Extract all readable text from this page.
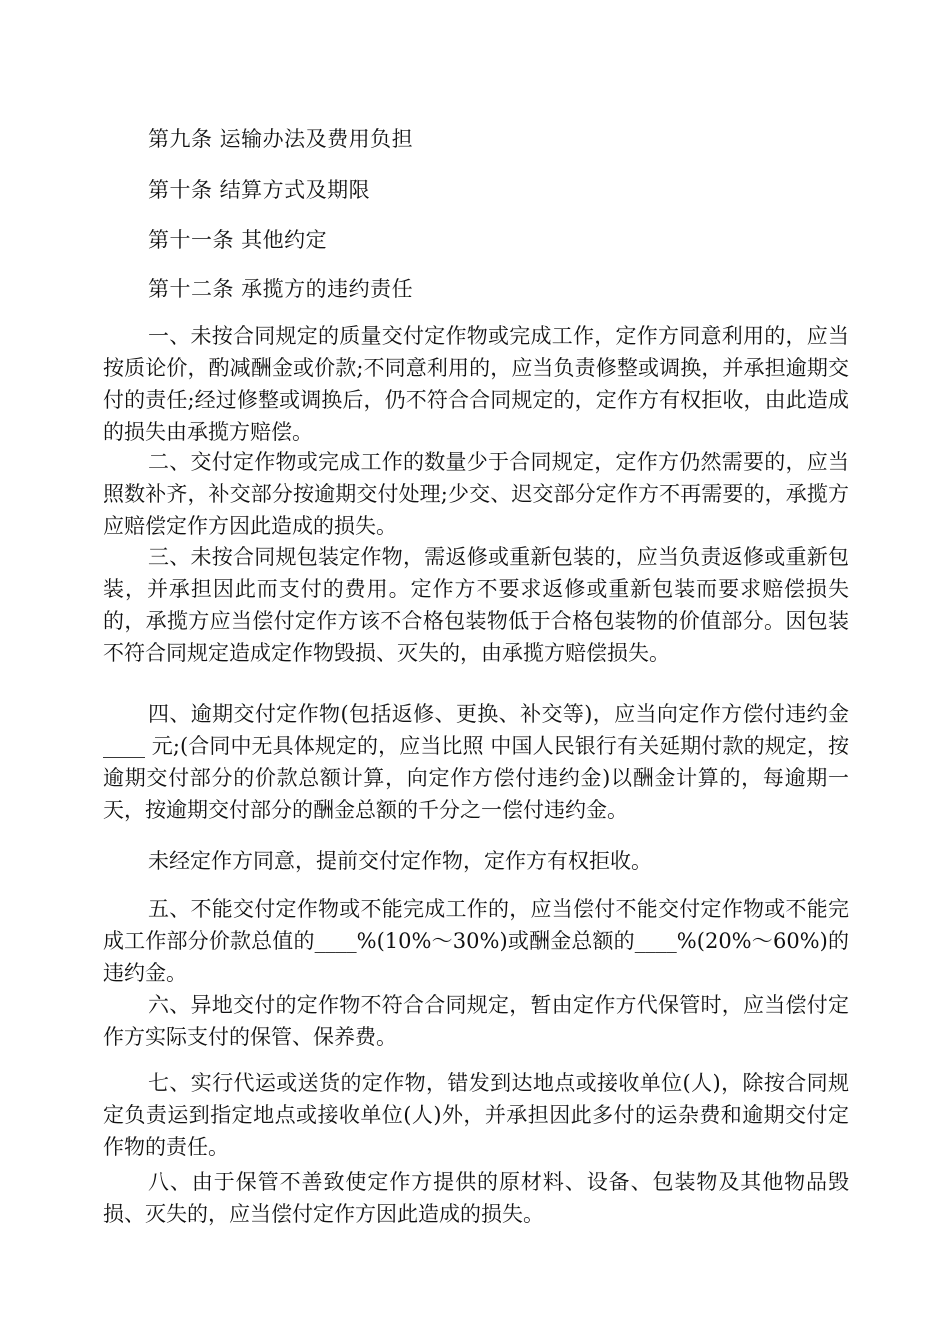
第九条 运输办法及费用负担

第十条 结算方式及期限

第十一条 其他约定

第十二条 承揽方的违约责任

一、未按合同规定的质量交付定作物或完成工作，定作方同意利用的，应当按质论价，酌减酬金或价款;不同意利用的，应当负责修整或调换，并承担逾期交付的责任;经过修整或调换后，仍不符合合同规定的，定作方有权拒收，由此造成的损失由承揽方赔偿。

二、交付定作物或完成工作的数量少于合同规定，定作方仍然需要的，应当照数补齐，补交部分按逾期交付处理;少交、迟交部分定作方不再需要的，承揽方应赔偿定作方因此造成的损失。

三、未按合同规包装定作物，需返修或重新包装的，应当负责返修或重新包装，并承担因此而支付的费用。定作方不要求返修或重新包装而要求赔偿损失的，承揽方应当偿付定作方该不合格包装物低于合格包装物的价值部分。因包装不符合同规定造成定作物毁损、灭失的，由承揽方赔偿损失。

四、逾期交付定作物(包括返修、更换、补交等)，应当向定作方偿付违约金____ 元;(合同中无具体规定的，应当比照 中国人民银行有关延期付款的规定，按逾期交付部分的价款总额计算，向定作方偿付违约金)以酬金计算的，每逾期一天，按逾期交付部分的酬金总额的千分之一偿付违约金。

未经定作方同意，提前交付定作物，定作方有权拒收。

五、不能交付定作物或不能完成工作的，应当偿付不能交付定作物或不能完成工作部分价款总值的____%(10%～30%)或酬金总额的____%(20%～60%)的违约金。

六、异地交付的定作物不符合合同规定，暂由定作方代保管时，应当偿付定作方实际支付的保管、保养费。

七、实行代运或送货的定作物，错发到达地点或接收单位(人)，除按合同规定负责运到指定地点或接收单位(人)外，并承担因此多付的运杂费和逾期交付定作物的责任。

八、由于保管不善致使定作方提供的原材料、设备、包装物及其他物品毁损、灭失的，应当偿付定作方因此造成的损失。
